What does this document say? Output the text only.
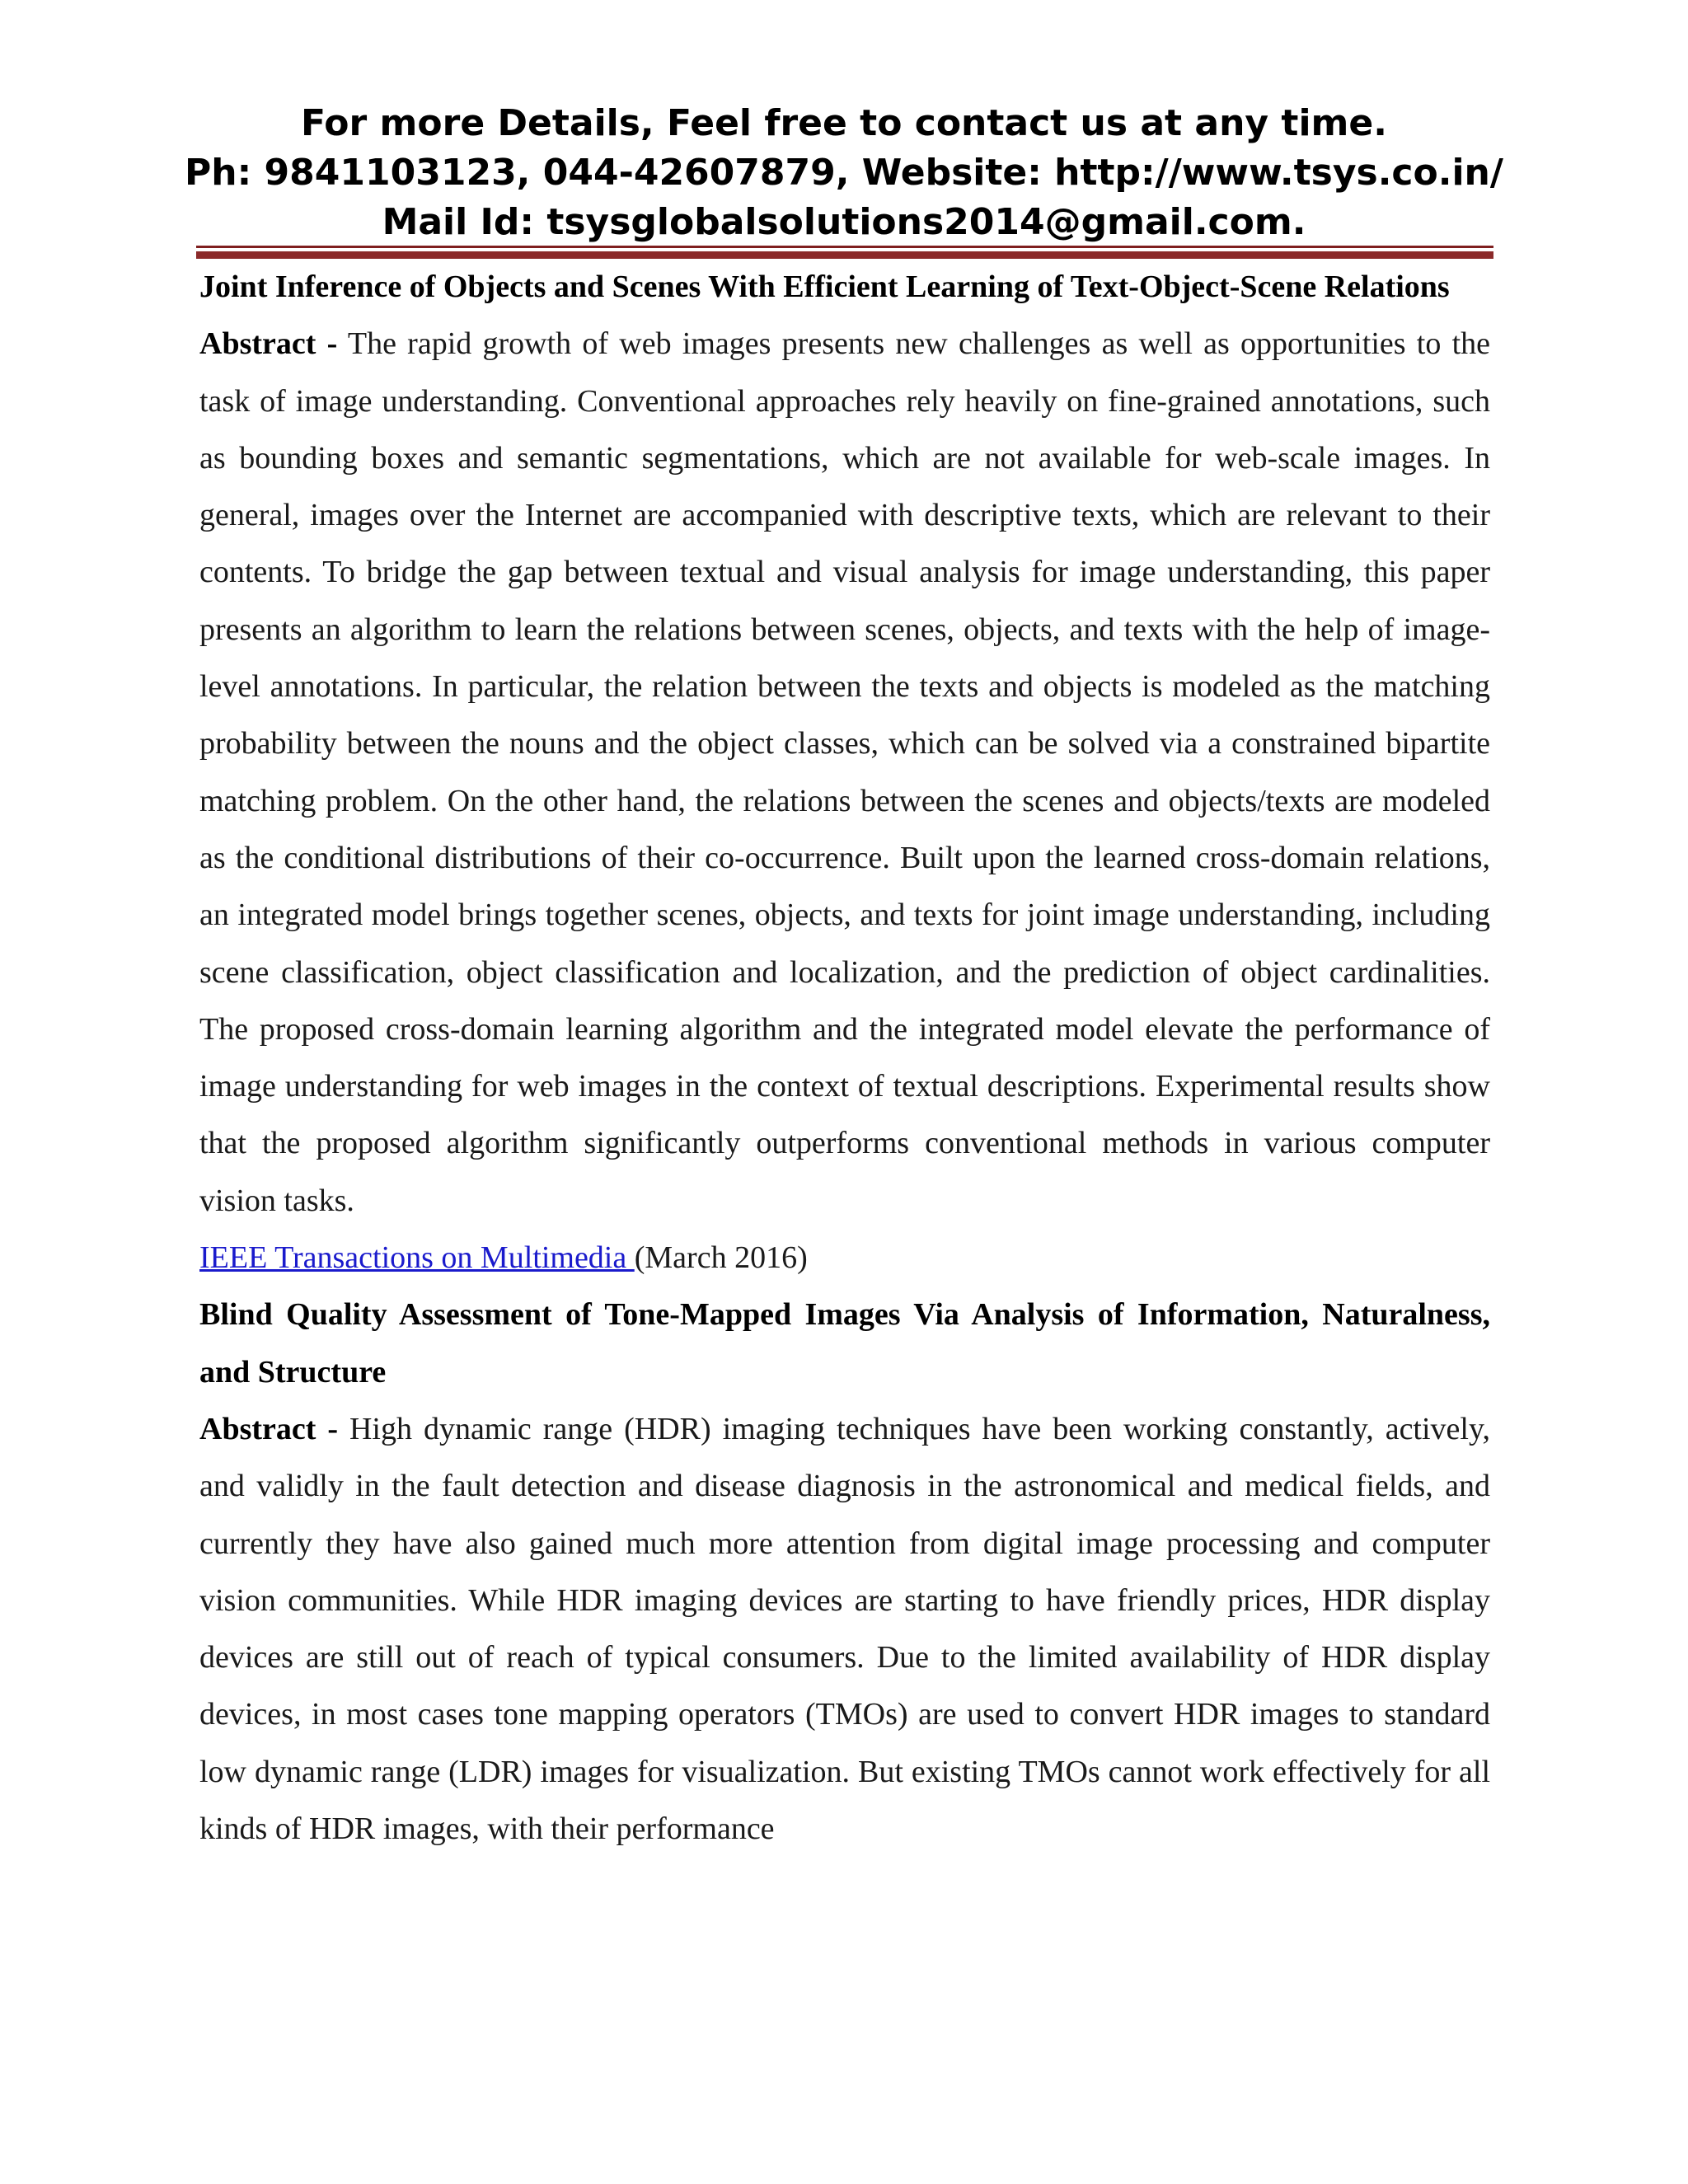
For more Details, Feel free to contact us at any time.
Ph: 9841103123, 044-42607879, Website: http://www.tsys.co.in/
Mail Id: tsysglobalsolutions2014@gmail.com.

Joint Inference of Objects and Scenes With Efficient Learning of Text-Object-Scene Relations

Abstract - The rapid growth of web images presents new challenges as well as opportunities to the task of image understanding. Conventional approaches rely heavily on fine-grained annotations, such as bounding boxes and semantic segmentations, which are not available for web-scale images. In general, images over the Internet are accompanied with descriptive texts, which are relevant to their contents. To bridge the gap between textual and visual analysis for image understanding, this paper presents an algorithm to learn the relations between scenes, objects, and texts with the help of image-level annotations. In particular, the relation between the texts and objects is modeled as the matching probability between the nouns and the object classes, which can be solved via a constrained bipartite matching problem. On the other hand, the relations between the scenes and objects/texts are modeled as the conditional distributions of their co-occurrence. Built upon the learned cross-domain relations, an integrated model brings together scenes, objects, and texts for joint image understanding, including scene classification, object classification and localization, and the prediction of object cardinalities. The proposed cross-domain learning algorithm and the integrated model elevate the performance of image understanding for web images in the context of textual descriptions. Experimental results show that the proposed algorithm significantly outperforms conventional methods in various computer vision tasks.

IEEE Transactions on Multimedia (March 2016)

Blind Quality Assessment of Tone-Mapped Images Via Analysis of Information, Naturalness, and Structure

Abstract - High dynamic range (HDR) imaging techniques have been working constantly, actively, and validly in the fault detection and disease diagnosis in the astronomical and medical fields, and currently they have also gained much more attention from digital image processing and computer vision communities. While HDR imaging devices are starting to have friendly prices, HDR display devices are still out of reach of typical consumers. Due to the limited availability of HDR display devices, in most cases tone mapping operators (TMOs) are used to convert HDR images to standard low dynamic range (LDR) images for visualization. But existing TMOs cannot work effectively for all kinds of HDR images, with their performance
